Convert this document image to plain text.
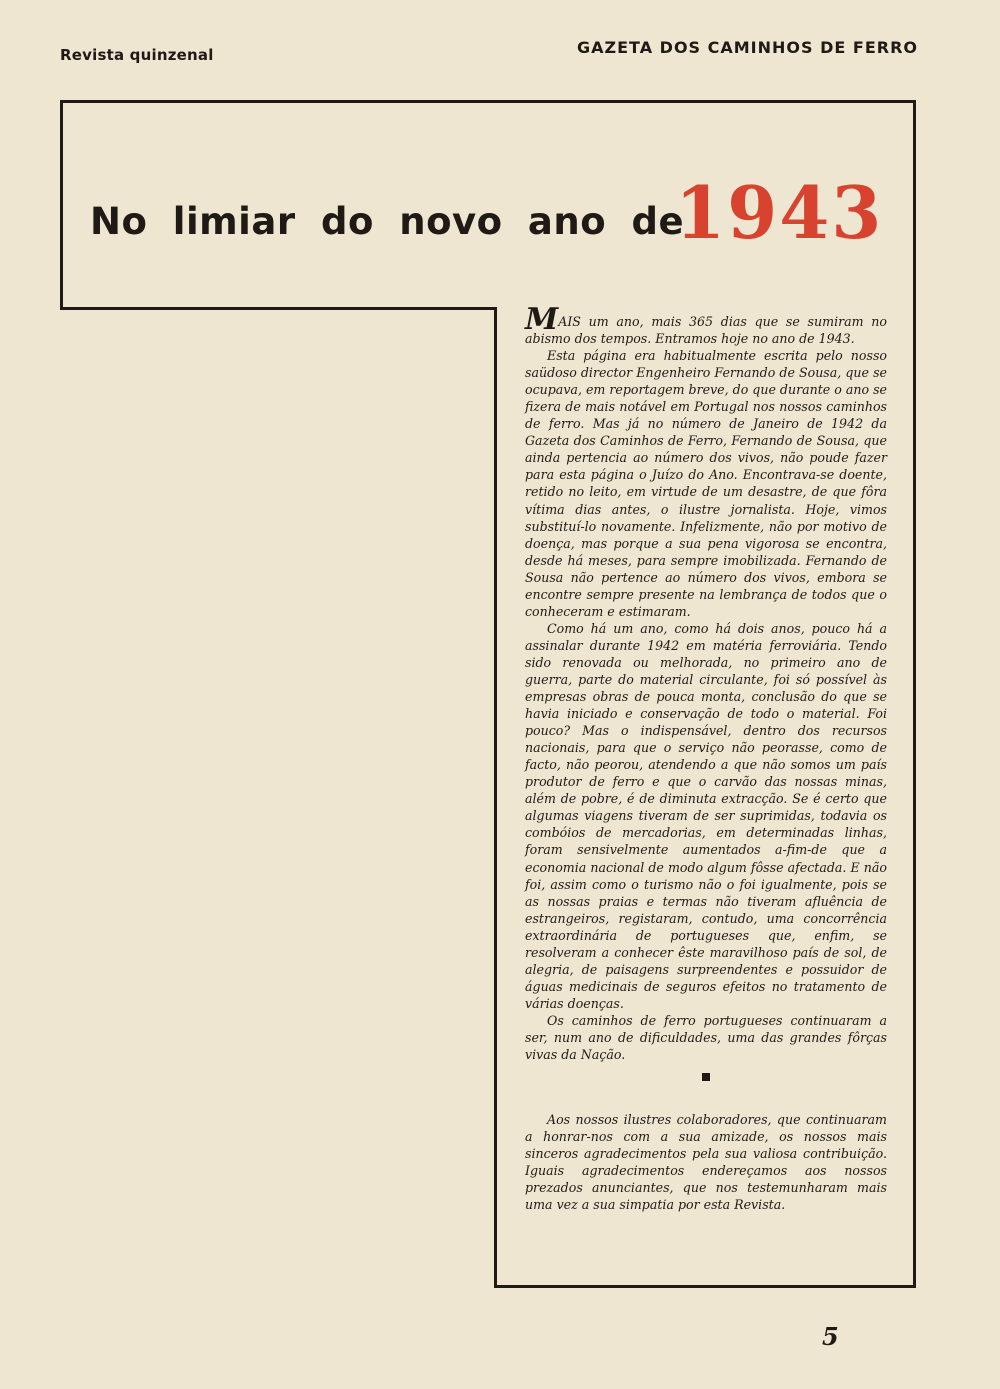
Revista quinzenal	GAZETA DOS CAMINHOS DE FERRO
No limiar do novo ano de
1943

MAIS um ano, mais 365 dias que se sumiram no abismo dos tempos. Entramos hoje no ano de 1943.

Esta página era habitualmente escrita pelo nosso saüdoso director Engenheiro Fernando de Sousa, que se ocupava, em reportagem breve, do que durante o ano se fizera de mais notável em Portugal nos nossos caminhos de ferro. Mas já no número de Janeiro de 1942 da Gazeta dos Caminhos de Ferro, Fernando de Sousa, que ainda pertencia ao número dos vivos, não poude fazer para esta página o Juízo do Ano. Encontrava-se doente, retido no leito, em virtude de um desastre, de que fôra vítima dias antes, o ilustre jornalista. Hoje, vimos substituí-lo novamente. Infelizmente, não por motivo de doença, mas porque a sua pena vigorosa se encontra, desde há meses, para sempre imobilizada. Fernando de Sousa não pertence ao número dos vivos, embora se encontre sempre presente na lembrança de todos que o conheceram e estimaram.

Como há um ano, como há dois anos, pouco há a assinalar durante 1942 em matéria ferroviária. Tendo sido renovada ou melhorada, no primeiro ano de guerra, parte do material circulante, foi só possível às empresas obras de pouca monta, conclusão do que se havia iniciado e conservação de todo o material. Foi pouco? Mas o indispensável, dentro dos recursos nacionais, para que o serviço não peorasse, como de facto, não peorou, atendendo a que não somos um país produtor de ferro e que o carvão das nossas minas, além de pobre, é de diminuta extracção. Se é certo que algumas viagens tiveram de ser suprimidas, todavia os combóios de mercadorias, em determinadas linhas, foram sensivelmente aumentados a-fim-de que a economia nacional de modo algum fôsse afectada. E não foi, assim como o turismo não o foi igualmente, pois se as nossas praias e termas não tiveram afluência de estrangeiros, registaram, contudo, uma concorrência extraordinária de portugueses que, enfim, se resolveram a conhecer êste maravilhoso país de sol, de alegria, de paisagens surpreendentes e possuidor de águas medicinais de seguros efeitos no tratamento de várias doenças.

Os caminhos de ferro portugueses continuaram a ser, num ano de dificuldades, uma das grandes fôrças vivas da Nação.

Aos nossos ilustres colaboradores, que continuaram a honrar-nos com a sua amizade, os nossos mais sinceros agradecimentos pela sua valiosa contribuição. Iguais agradecimentos endereçamos aos nossos prezados anunciantes, que nos testemunharam mais uma vez a sua simpatia por esta Revista.

5
